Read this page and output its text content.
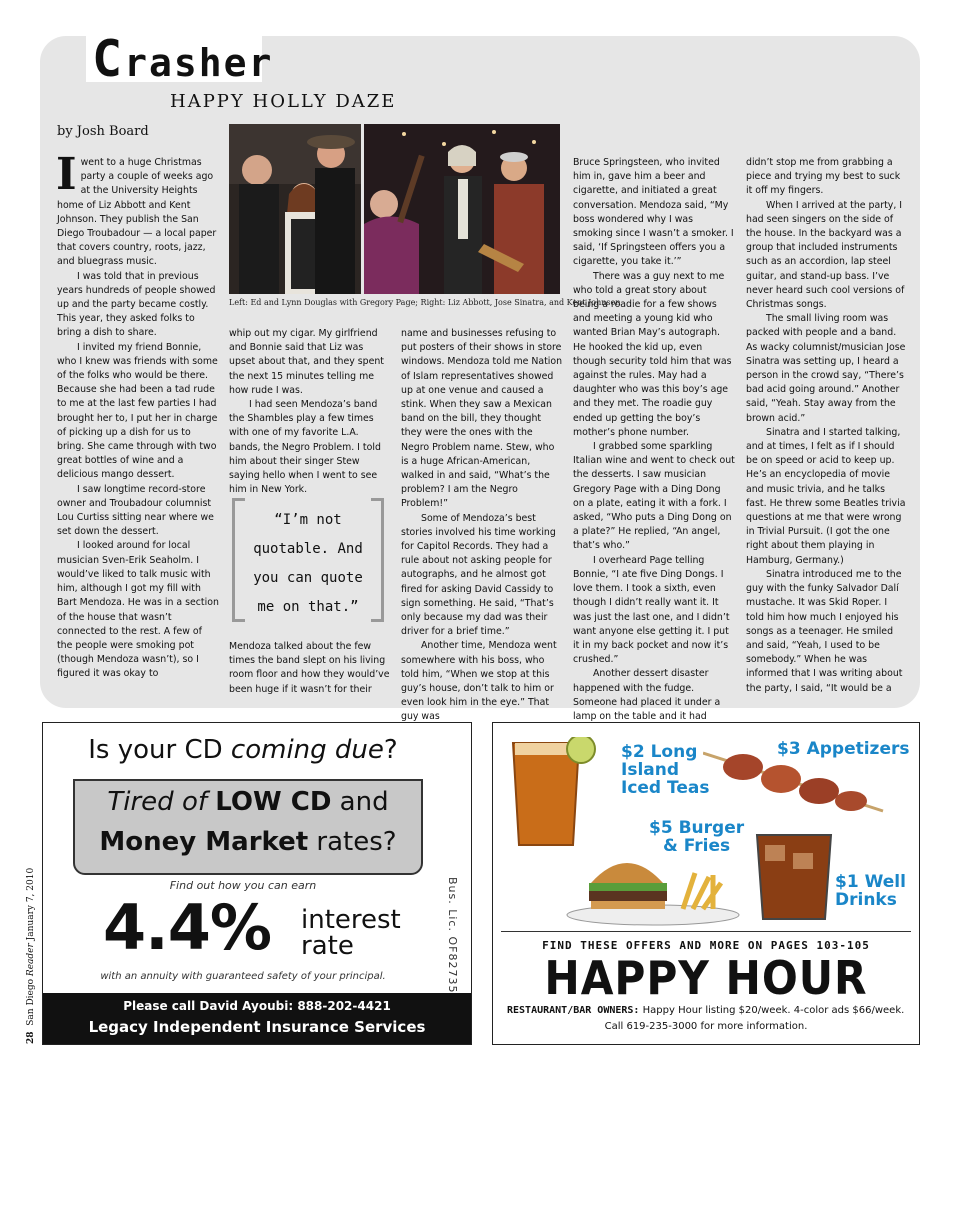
Crasher
HAPPY HOLLY DAZE
by Josh Board
Left: Ed and Lynn Douglas with Gregory Page; Right: Liz Abbott, Jose Sinatra, and Kent Johnson

Iwent to a huge Christmas party a couple of weeks ago at the University Heights home of Liz Abbott and Kent Johnson. They publish the San Diego Troubadour — a local paper that covers country, roots, jazz, and bluegrass music.

I was told that in previous years hundreds of people showed up and the party became costly. This year, they asked folks to bring a dish to share.

I invited my friend Bonnie, who I knew was friends with some of the folks who would be there. Because she had been a tad rude to me at the last few parties I had brought her to, I put her in charge of picking up a dish for us to bring. She came through with two great bottles of wine and a delicious mango dessert.

I saw longtime record-store owner and Troubadour columnist Lou Curtiss sitting near where we set down the dessert.

I looked around for local musician Sven-Erik Seaholm. I would’ve liked to talk music with him, although I got my fill with Bart Mendoza. He was in a section of the house that wasn’t connected to the rest. A few of the people were smoking pot (though Mendoza wasn’t), so I figured it was okay to

whip out my cigar. My girlfriend and Bonnie said that Liz was upset about that, and they spent the next 15 minutes telling me how rude I was.

I had seen Mendoza’s band the Shambles play a few times with one of my favorite L.A. bands, the Negro Problem. I told him about their singer Stew saying hello when I went to see him in New York.

“I’m not quotable. And you can quote me on that.”

Mendoza talked about the few times the band slept on his living room floor and how they would’ve been huge if it wasn’t for their

name and businesses refusing to put posters of their shows in store windows. Mendoza told me Nation of Islam representatives showed up at one venue and caused a stink. When they saw a Mexican band on the bill, they thought they were the ones with the Negro Problem name. Stew, who is a huge African-American, walked in and said, “What’s the problem? I am the Negro Problem!”

Some of Mendoza’s best stories involved his time working for Capitol Records. They had a rule about not asking people for autographs, and he almost got fired for asking David Cassidy to sign something. He said, “That’s only because my dad was their driver for a brief time.”

Another time, Mendoza went somewhere with his boss, who told him, “When we stop at this guy’s house, don’t talk to him or even look him in the eye.” That guy was

Bruce Springsteen, who invited him in, gave him a beer and cigarette, and initiated a great conversation. Mendoza said, “My boss wondered why I was smoking since I wasn’t a smoker. I said, ‘If Springsteen offers you a cigarette, you take it.’”

There was a guy next to me who told a great story about being a roadie for a few shows and meeting a young kid who wanted Brian May’s autograph. He hooked the kid up, even though security told him that was against the rules. May had a daughter who was this boy’s age and they met. The roadie guy ended up getting the boy’s mother’s phone number.

I grabbed some sparkling Italian wine and went to check out the desserts. I saw musician Gregory Page with a Ding Dong on a plate, eating it with a fork. I asked, “Who puts a Ding Dong on a plate?” He replied, “An angel, that’s who.”

I overheard Page telling Bonnie, “I ate five Ding Dongs. I love them. I took a sixth, even though I didn’t really want it. It was just the last one, and I didn’t want anyone else getting it. I put it in my back pocket and now it’s crushed.”

Another dessert disaster happened with the fudge. Someone had placed it under a lamp on the table and it had

didn’t stop me from grabbing a piece and trying my best to suck it off my fingers.

When I arrived at the party, I had seen singers on the side of the house. In the backyard was a group that included instruments such as an accordion, lap steel guitar, and stand-up bass. I’ve never heard such cool versions of Christmas songs.

The small living room was packed with people and a band. As wacky columnist/musician Jose Sinatra was setting up, I heard a person in the crowd say, “There’s bad acid going around.” Another said, “Yeah. Stay away from the brown acid.”

Sinatra and I started talking, and at times, I felt as if I should be on speed or acid to keep up. He’s an encyclopedia of movie and music trivia, and he talks fast. He threw some Beatles trivia questions at me that were wrong in Trivial Pursuit. (I got the one right about them playing in Hamburg, Germany.)

Sinatra introduced me to the guy with the funky Salvador Dalí mustache. It was Skid Roper. I told him how much I enjoyed his songs as a teenager. He smiled and said, “Yeah, I used to be somebody.” When he was informed that I was writing about the party, I said, “It would be a

28  San Diego Reader January 7, 2010
Is your CD coming due?
Tired of LOW CD and
Money Market rates?
Find out how you can earn
4.4% interest
rate
with an annuity with guaranteed safety of your principal.	Bus. Lic. OF82735
Please call David Ayoubi: 888-202-4421
Legacy Independent Insurance Services
$2 Long
Island
Iced Teas
$3 Appetizers
$5 Burger
& Fries
$1 Well
Drinks
FIND THESE OFFERS AND MORE ON PAGES 103-105
HAPPY HOUR
RESTAURANT/BAR OWNERS: Happy Hour listing $20/week. 4-color ads $66/week.
Call 619-235-3000 for more information.
